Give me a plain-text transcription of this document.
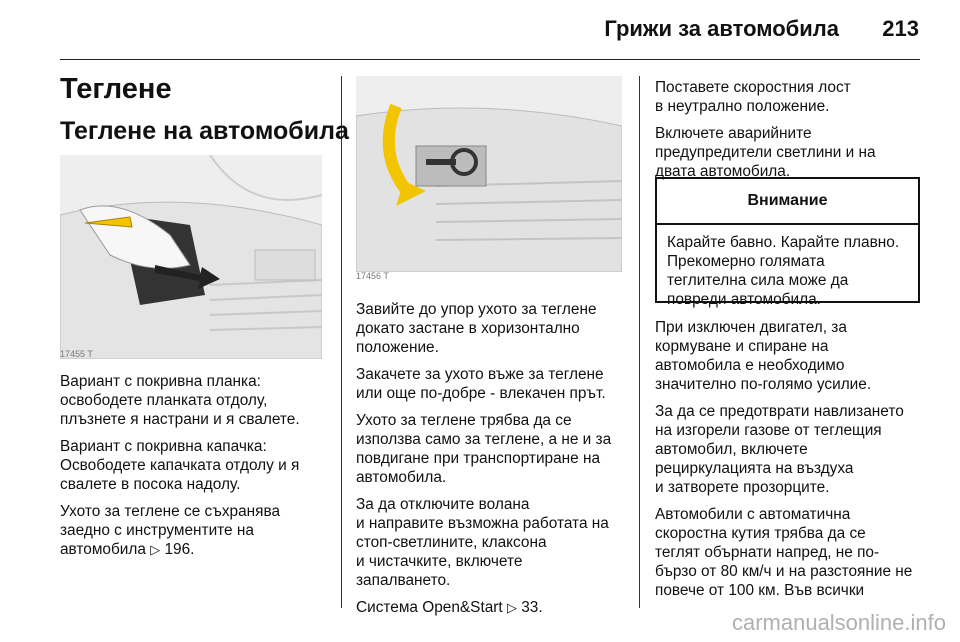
Грижи за автомобила 213
Теглене
Теглене на автомобила
17455 T
17456 T

Вариант с покривна планка:
освободете планката отдолу,
плъзнете я настрани и я свалете.

Вариант с покривна капачка:
Освободете капачката отдолу и я
свалете в посока надолу.

Ухото за теглене се съхранява
заедно с инструментите на
автомобила ▷ 196.

Завийте до упор ухото за теглене
докато застане в хоризонтално
положение.

Закачете за ухото въже за теглене
или още по-добре - влекачен прът.

Ухото за теглене трябва да се
използва само за теглене, а не и за
повдигане при транспортиране на
автомобила.

За да отключите волана
и направите възможна работата на
стоп-светлините, клаксона
и чистачките, включете
запалването.

Система Open&Start ▷ 33.

Поставете скоростния лост
в неутрално положение.

Включете аварийните
предупредители светлини и на
двата автомобила.

Внимание
Карайте бавно. Карайте плавно.
Прекомерно голямата
теглителна сила може да
повреди автомобила.

При изключен двигател, за
кормуване и спиране на
автомобила е необходимо
значително по-голямо усилие.

За да се предотврати навлизането
на изгорели газове от теглещия
автомобил, включете
рециркулацията на въздуха
и затворете прозорците.

Автомобили с автоматична
скоростна кутия трябва да се
теглят обърнати напред, не по-
бързо от 80 км/ч и на разстояние не
повече от 100 км. Във всички

carmanualsonline.info
